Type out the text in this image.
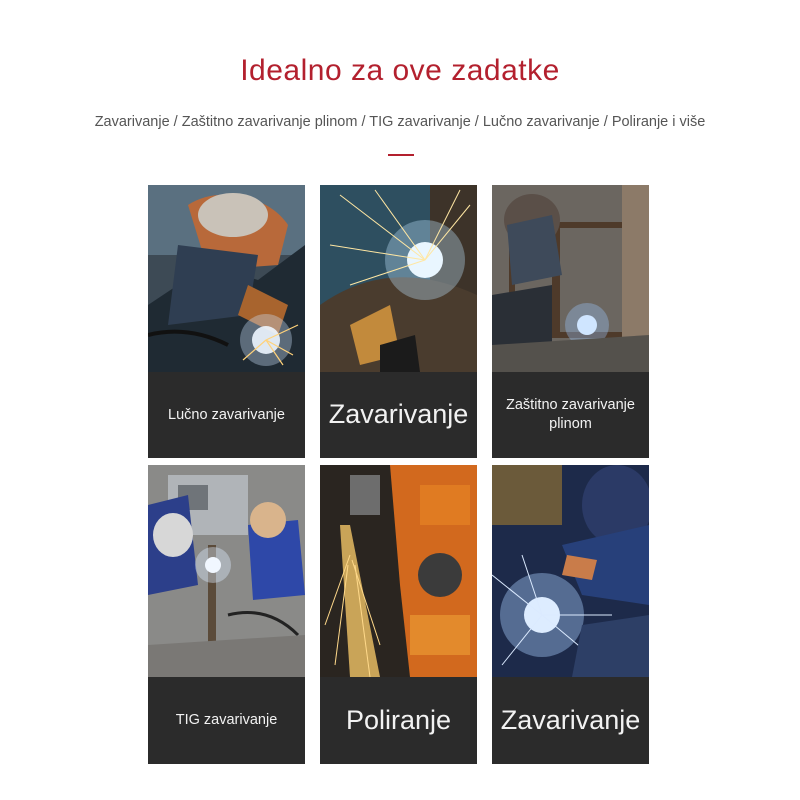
Idealno za ove zadatke
Zavarivanje / Zaštitno zavarivanje plinom / TIG zavarivanje / Lučno zavarivanje / Poliranje i više
Lučno zavarivanje	Zavarivanje	Zaštitno zavarivanje plinom
TIG zavarivanje	Poliranje	Zavarivanje
